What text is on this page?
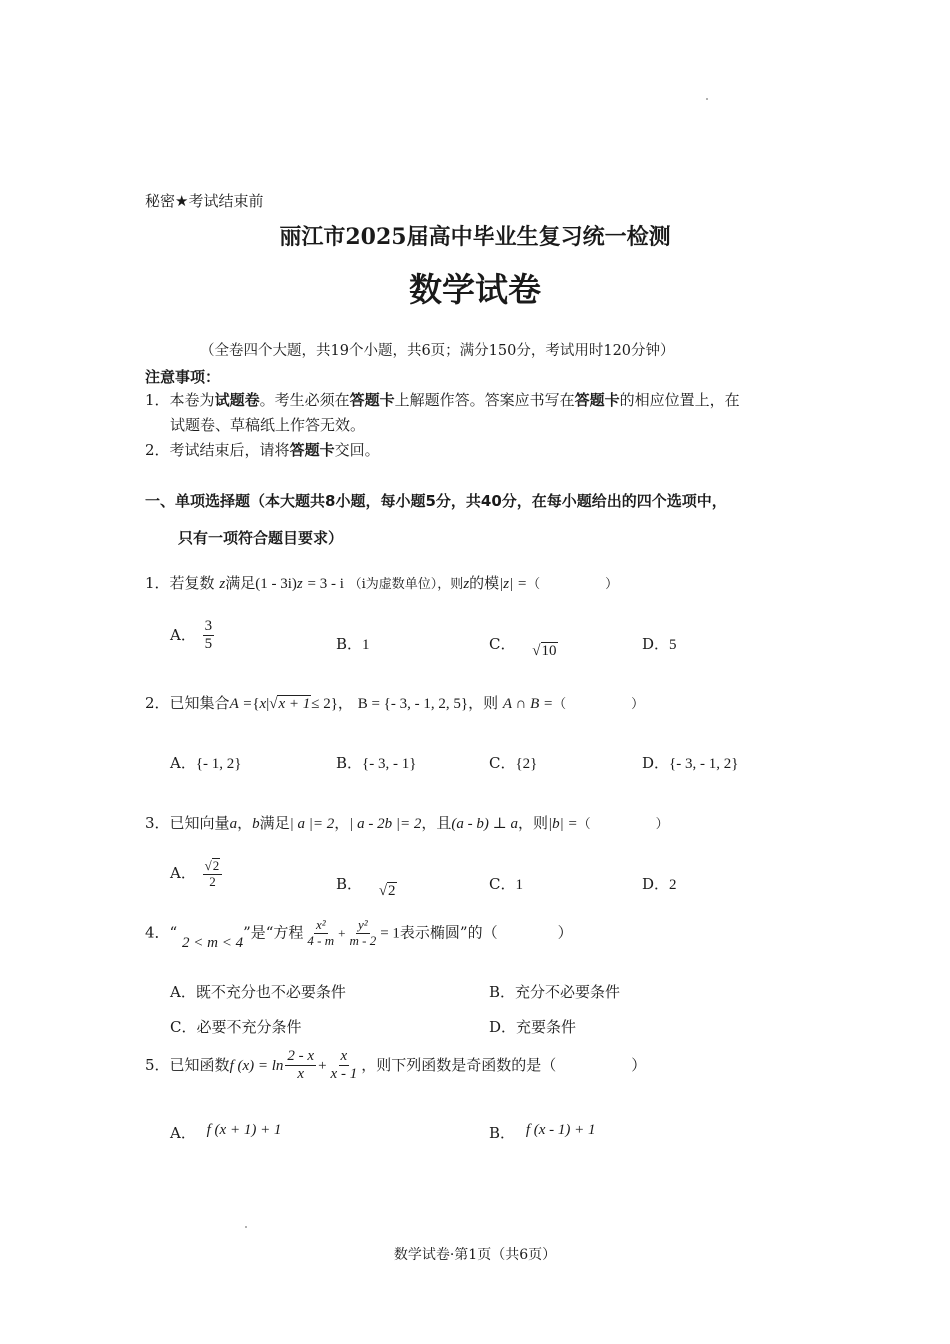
秘密★考试结束前
丽江市2025届高中毕业生复习统一检测
数学试卷
（全卷四个大题，共19个小题，共6页；满分150分，考试用时120分钟）
注意事项：
1．本卷为试题卷。考生必须在答题卡上解题作答。答案应书写在答题卡的相应位置上，在
试题卷、草稿纸上作答无效。
2．考试结束后，请将答题卡交回。
一、单项选择题（本大题共8小题，每小题5分，共40分，在每小题给出的四个选项中，
只有一项符合题目要求）
1．若复数 z满足(1 - 3i)z = 3 - i （i为虚数单位），则z的模|z| =（　　　　　）
A． $\frac{3}{5}$	B．1	C． √ 10	D．5
2．已知集合A ={x|√ x + 1 ≤ 2}， B = {- 3, - 1, 2, 5}，则 A ∩ B =（　　　　　）
A．{- 1, 2}	B．{- 3, - 1}	C．{2}	D．{- 3, - 1, 2}
3．已知向量a，b满足| a |= 2，| a - 2b |= 2，且(a - b) ⊥ a，则|b| =（　　　　　）
A． $\frac{√ 2}{2}$	B． √ 2	C．1	D．2
4．“ 2 < m < 4”是“方程 $\frac{\text{x²}}{4 - m} + \frac{\text{y²}}{m - 2} = 1$表示椭圆”的（　　　　）
A．既不充分也不必要条件	B．充分不必要条件
C．必要不充分条件	D．充要条件
5．已知函数f $(x) = \ln \frac{2 - x}{x} + \frac{x}{x - 1}$ ，则下列函数是奇函数的是（　　　　　）
A． f (x + 1) + 1	B． f (x - 1) + 1
数学试卷·第1页（共6页）
